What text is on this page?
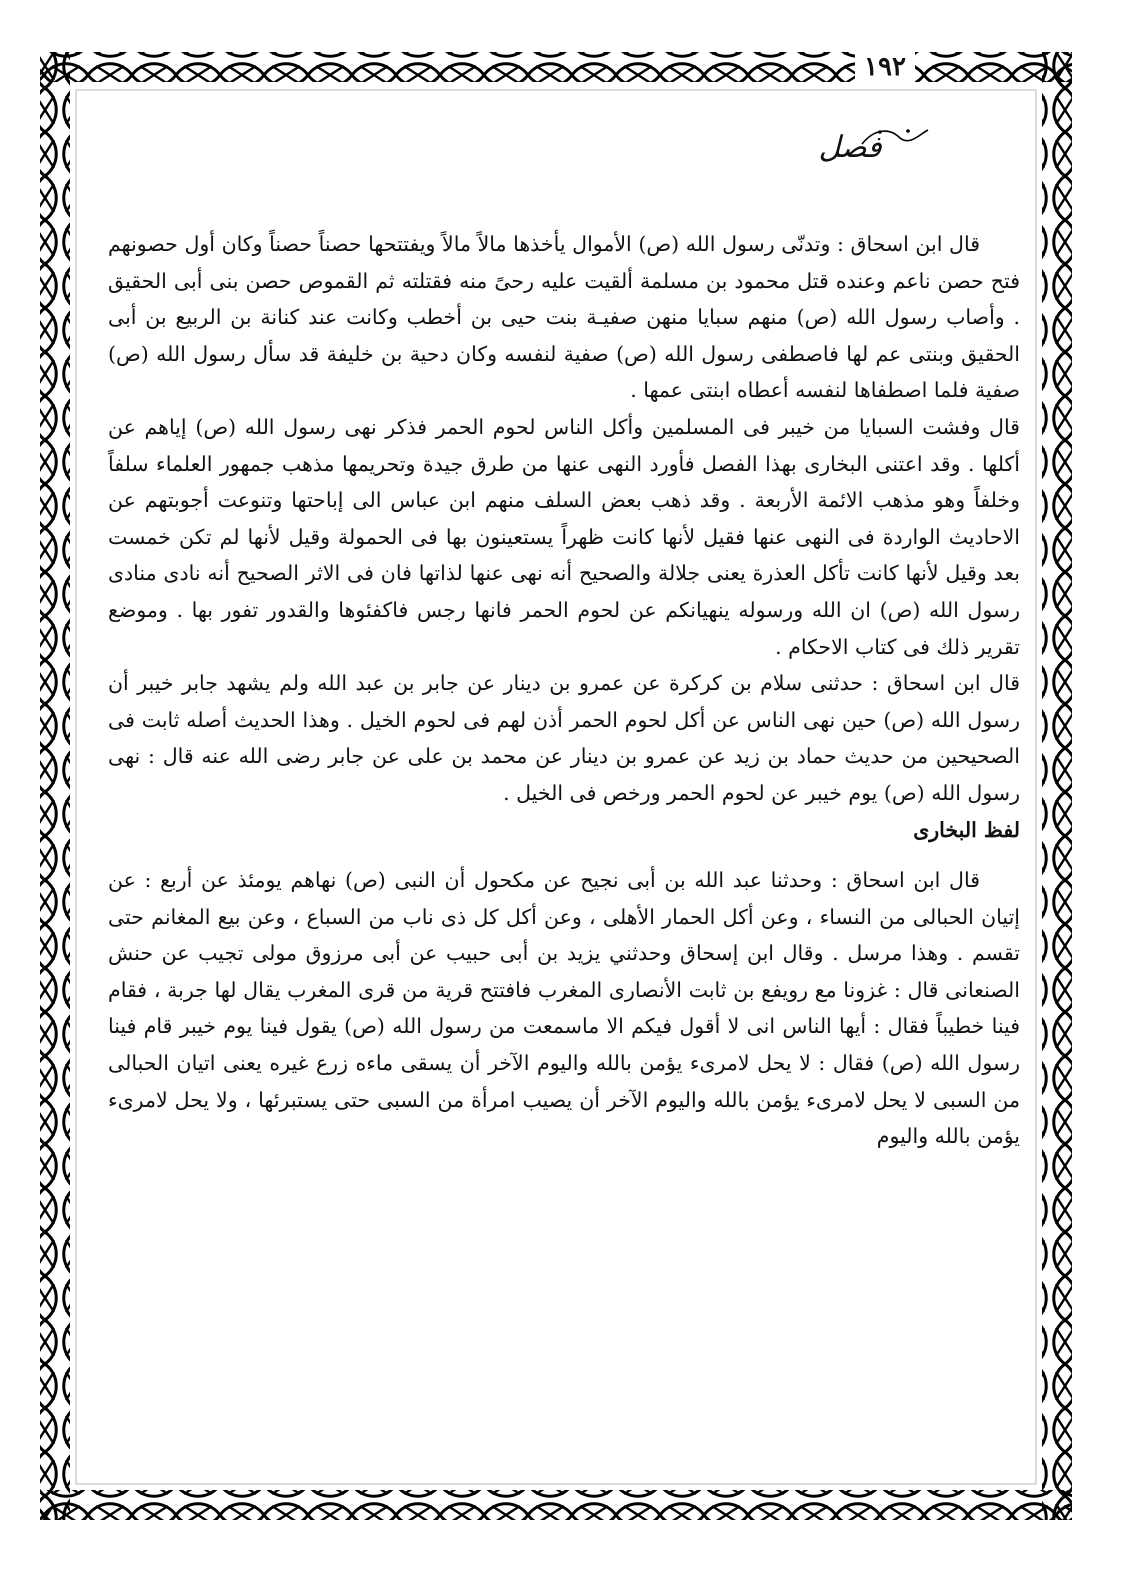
١٩٢
فصل

قال ابن اسحاق : وتدنّى رسول الله (ص) الأموال يأخذها مالاً مالاً ويفتتحها حصناً حصناً وكان أول حصونهم فتح حصن ناعم وعنده قتل محمود بن مسلمة ألقيت عليه رحىً منه فقتلته ثم القموص حصن بنى أبى الحقيق . وأصاب رسول الله (ص) منهم سبايا منهن صفيـة بنت حيى بن أخطب وكانت عند كنانة بن الربيع بن أبى الحقيق وبنتى عم لها فاصطفى رسول الله (ص) صفية لنفسه وكان دحية بن خليفة قد سأل رسول الله (ص) صفية فلما اصطفاها لنفسه أعطاه ابنتى عمها .

قال وفشت السبايا من خيبر فى المسلمين وأكل الناس لحوم الحمر فذكر نهى رسول الله (ص) إياهم عن أكلها . وقد اعتنى البخارى بهذا الفصل فأورد النهى عنها من طرق جيدة وتحريمها مذهب جمهور العلماء سلفاً وخلفاً وهو مذهب الائمة الأربعة . وقد ذهب بعض السلف منهم ابن عباس الى إباحتها وتنوعت أجوبتهم عن الاحاديث الواردة فى النهى عنها فقيل لأنها كانت ظهراً يستعينون بها فى الحمولة وقيل لأنها لم تكن خمست بعد وقيل لأنها كانت تأكل العذرة يعنى جلالة والصحيح أنه نهى عنها لذاتها فان فى الاثر الصحيح أنه نادى منادى رسول الله (ص) ان الله ورسوله ينهيانكم عن لحوم الحمر فانها رجس فاكفئوها والقدور تفور بها . وموضع تقرير ذلك فى كتاب الاحكام .

قال ابن اسحاق : حدثنى سلام بن كركرة عن عمرو بن دينار عن جابر بن عبد الله ولم يشهد جابر خيبر أن رسول الله (ص) حين نهى الناس عن أكل لحوم الحمر أذن لهم فى لحوم الخيل . وهذا الحديث أصله ثابت فى الصحيحين من حديث حماد بن زيد عن عمرو بن دينار عن محمد بن على عن جابر رضى الله عنه قال : نهى رسول الله (ص) يوم خيبر عن لحوم الحمر ورخص فى الخيل .

لفظ البخارى

قال ابن اسحاق : وحدثنا عبد الله بن أبى نجيح عن مكحول أن النبى (ص) نهاهم يومئذ عن أربع : عن إتيان الحبالى من النساء ، وعن أكل الحمار الأهلى ، وعن أكل كل ذى ناب من السباع ، وعن بيع المغانم حتى تقسم . وهذا مرسل . وقال ابن إسحاق وحدثني يزيد بن أبى حبيب عن أبى مرزوق مولى تجيب عن حنش الصنعانى قال : غزونا مع رويفع بن ثابت الأنصارى المغرب فافتتح قرية من قرى المغرب يقال لها جربة ، فقام فينا خطيباً فقال : أيها الناس انى لا أقول فيكم الا ماسمعت من رسول الله (ص) يقول فينا يوم خيبر قام فينا رسول الله (ص) فقال : لا يحل لامرىء يؤمن بالله واليوم الآخر أن يسقى ماءه زرع غيره يعنى اتيان الحبالى من السبى لا يحل لامرىء يؤمن بالله واليوم الآخر أن يصيب امرأة من السبى حتى يستبرئها ، ولا يحل لامرىء يؤمن بالله واليوم
